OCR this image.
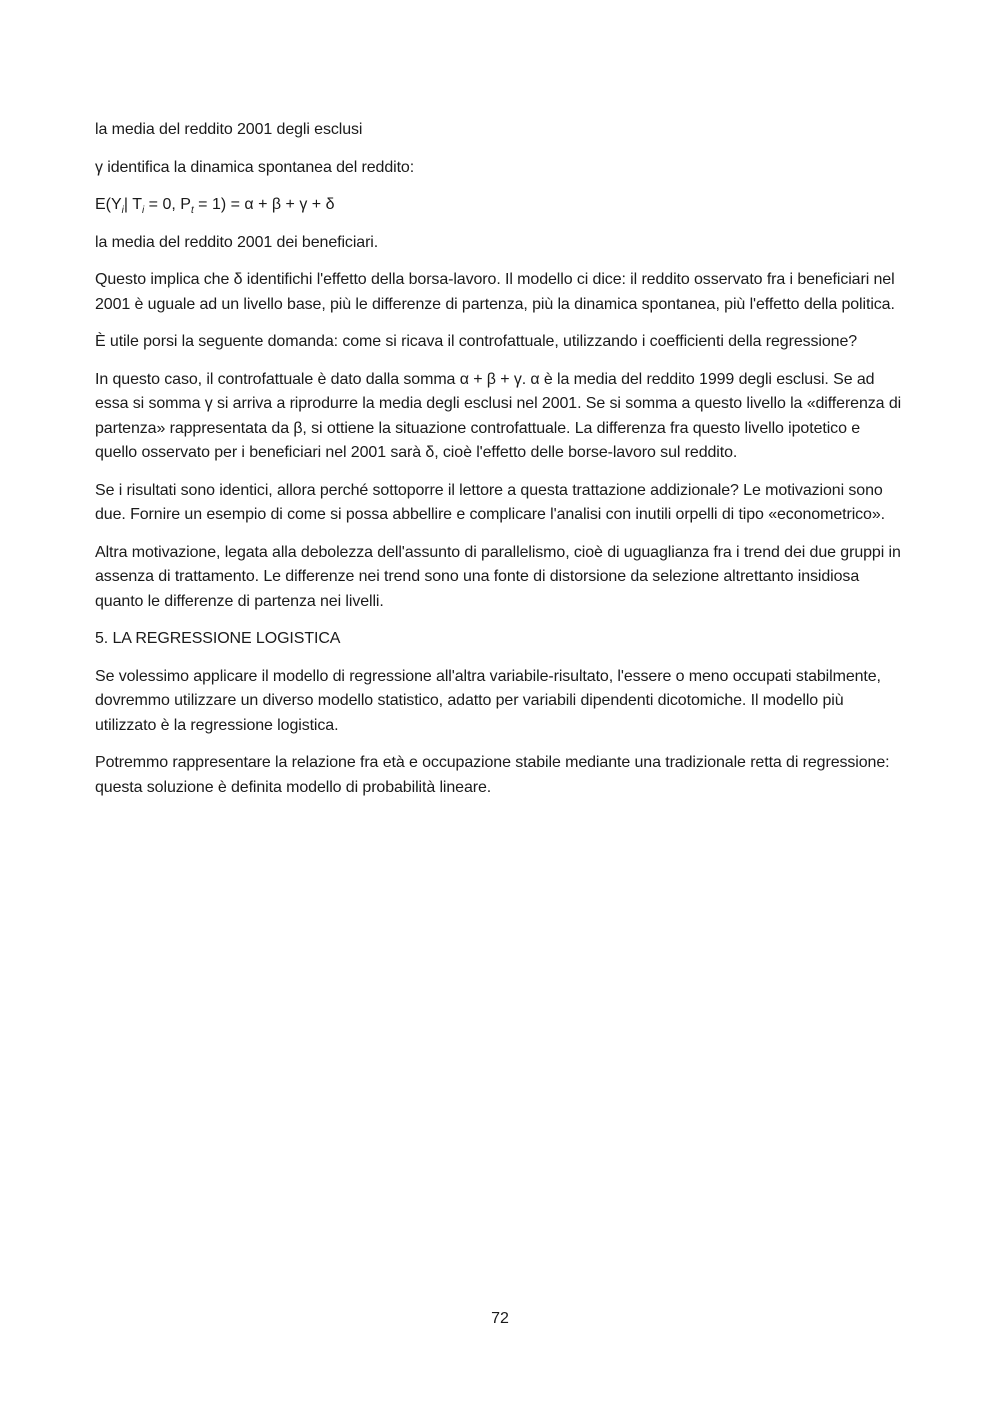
la media del reddito 2001 degli esclusi

γ identifica la dinamica spontanea del reddito:

$E(Y_i|$ $T_i = 0$, $P_t = 1) = \alpha + \beta + \gamma + \delta$

la media del reddito 2001 dei beneficiari.

Questo implica che δ identifichi l'effetto della borsa-lavoro. Il modello ci dice: il reddito osservato fra i beneficiari nel 2001 è uguale ad un livello base, più le differenze di partenza, più la dinamica spontanea, più l'effetto della politica.

È utile porsi la seguente domanda: come si ricava il controfattuale, utilizzando i coefficienti della regressione?

In questo caso, il controfattuale è dato dalla somma α + β + γ. α è la media del reddito 1999 degli esclusi. Se ad essa si somma γ si arriva a riprodurre la media degli esclusi nel 2001. Se si somma a questo livello la «differenza di partenza» rappresentata da β, si ottiene la situazione controfattuale. La differenza fra questo livello ipotetico e quello osservato per i beneficiari nel 2001 sarà δ, cioè l'effetto delle borse-lavoro sul reddito.

Se i risultati sono identici, allora perché sottoporre il lettore a questa trattazione addizionale? Le motivazioni sono due. Fornire un esempio di come si possa abbellire e complicare l'analisi con inutili orpelli di tipo «econometrico».

Altra motivazione, legata alla debolezza dell'assunto di parallelismo, cioè di uguaglianza fra i trend dei due gruppi in assenza di trattamento. Le differenze nei trend sono una fonte di distorsione da selezione altrettanto insidiosa quanto le differenze di partenza nei livelli.

5. LA REGRESSIONE LOGISTICA

Se volessimo applicare il modello di regressione all'altra variabile-risultato, l'essere o meno occupati stabilmente, dovremmo utilizzare un diverso modello statistico, adatto per variabili dipendenti dicotomiche. Il modello più utilizzato è la regressione logistica.

Potremmo rappresentare la relazione fra età e occupazione stabile mediante una tradizionale retta di regressione: questa soluzione è definita modello di probabilità lineare.

72
